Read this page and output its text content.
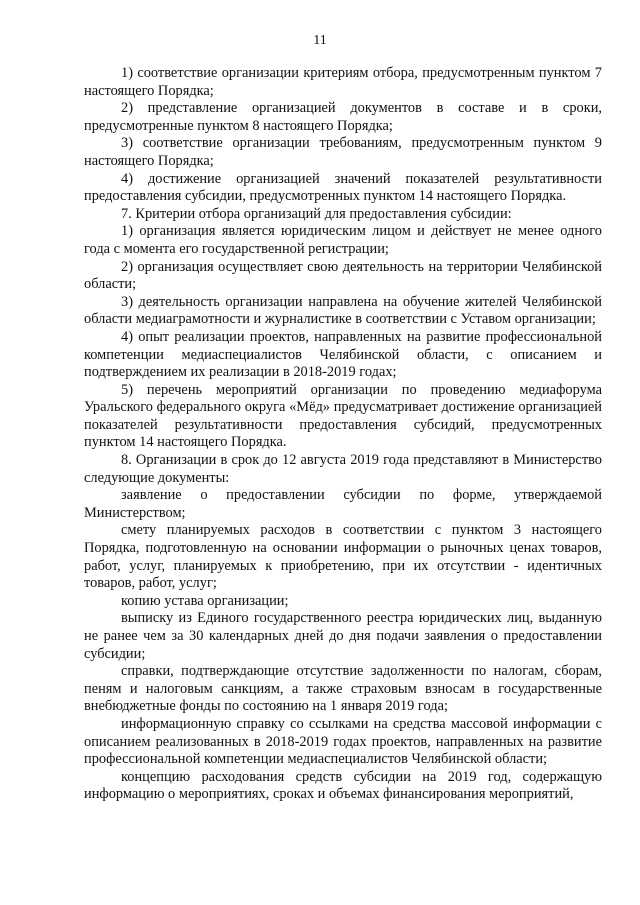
11

1) соответствие организации критериям отбора, предусмотренным пунктом 7 настоящего Порядка;

2) представление организацией документов в составе и в сроки, предусмотренные пунктом 8 настоящего Порядка;

3) соответствие организации требованиям, предусмотренным пунктом 9 настоящего Порядка;

4) достижение организацией значений показателей результативности предоставления субсидии, предусмотренных пунктом 14 настоящего Порядка.

7. Критерии отбора организаций для предоставления субсидии:

1) организация является юридическим лицом и действует не менее одного года с момента его государственной регистрации;

2) организация осуществляет свою деятельность на территории Челябинской области;

3) деятельность организации направлена на обучение жителей Челябинской области медиаграмотности и журналистике в соответствии с Уставом организации;

4) опыт реализации проектов, направленных на развитие профессиональной компетенции медиаспециалистов Челябинской области, с описанием и подтверждением их реализации в 2018-2019 годах;

5) перечень мероприятий организации по проведению медиафорума Уральского федерального округа «Мёд» предусматривает достижение организацией показателей результативности предоставления субсидий, предусмотренных пунктом 14 настоящего Порядка.

8. Организации в срок до 12 августа 2019 года представляют в Министерство следующие документы:

заявление о предоставлении субсидии по форме, утверждаемой Министерством;

смету планируемых расходов в соответствии с пунктом 3 настоящего Порядка, подготовленную на основании информации о рыночных ценах товаров, работ, услуг, планируемых к приобретению, при их отсутствии - идентичных товаров, работ, услуг;

копию устава организации;

выписку из Единого государственного реестра юридических лиц, выданную не ранее чем за 30 календарных дней до дня подачи заявления о предоставлении субсидии;

справки, подтверждающие отсутствие задолженности по налогам, сборам, пеням и налоговым санкциям, а также страховым взносам в государственные внебюджетные фонды по состоянию на 1 января 2019 года;

информационную справку со ссылками на средства массовой информации с описанием реализованных в 2018-2019 годах проектов, направленных на развитие профессиональной компетенции медиаспециалистов Челябинской области;

концепцию расходования средств субсидии на 2019 год, содержащую информацию о мероприятиях, сроках и объемах финансирования мероприятий,
